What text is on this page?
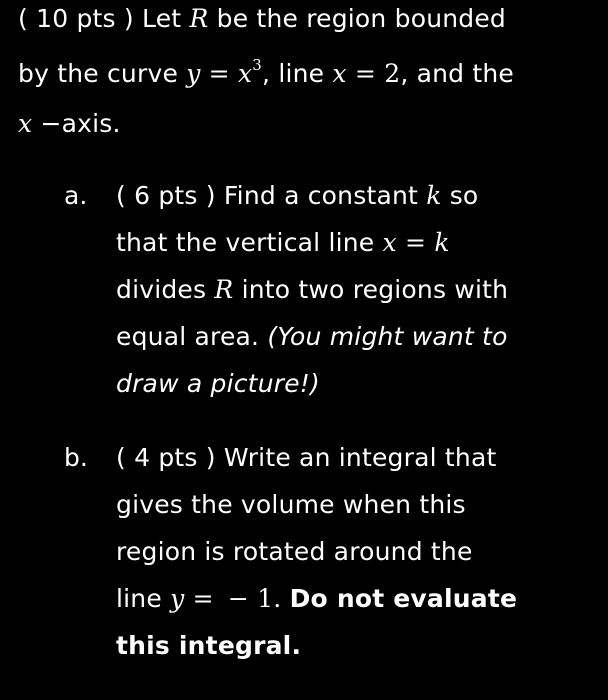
( 10 pts ) Let R be the region bounded
by the curve $y = x^3$, line x = 2, and the
x −axis.
a. ( 6 pts ) Find a constant k so
that the vertical line x = k
divides R into two regions with
equal area. (You might want to
draw a picture!)
b. ( 4 pts ) Write an integral that
gives the volume when this
region is rotated around the
line y = − 1. Do not evaluate
this integral.
